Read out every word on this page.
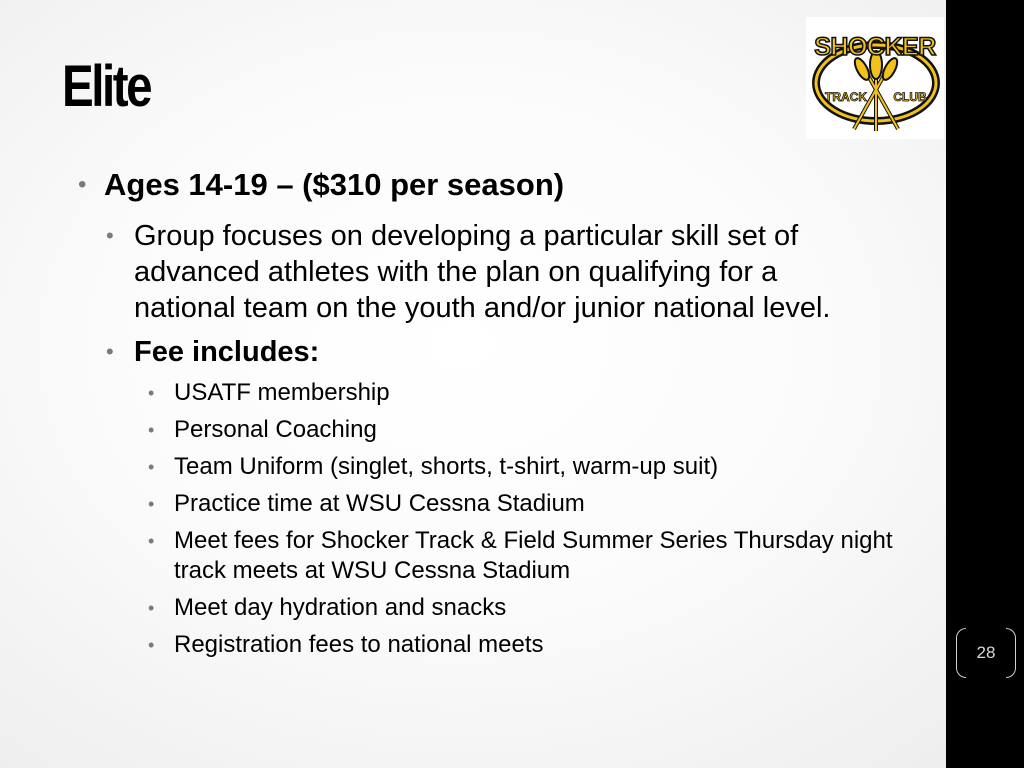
Elite
SHOCKER
TRACK CLUB
• Ages 14-19 – ($310 per season)
• Group focuses on developing a particular skill set of advanced athletes with the plan on qualifying for a national team on the youth and/or junior national level.
• Fee includes:
• USATF membership
• Personal Coaching
• Team Uniform (singlet, shorts, t-shirt, warm-up suit)
• Practice time at WSU Cessna Stadium
• Meet fees for Shocker Track & Field Summer Series Thursday night track meets at WSU Cessna Stadium
• Meet day hydration and snacks
• Registration fees to national meets	28
